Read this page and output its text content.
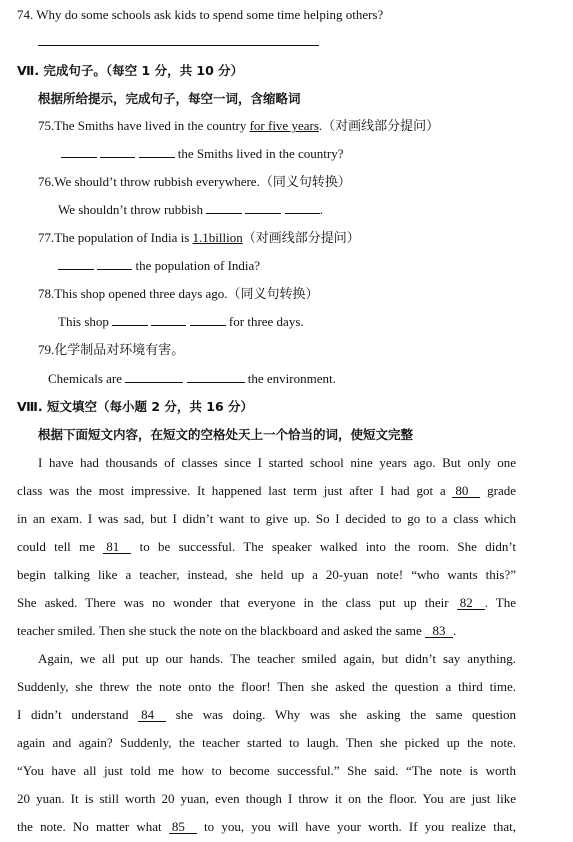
74. Why do some schools ask kids to spend some time helping others?
Ⅶ. 完成句子。（每空 1 分，共 10 分）
根据所给提示，完成句子，每空一词，含缩略词
75.The Smiths have lived in the country for five years.（对画线部分提问）
the Smiths lived in the country?
76.We should’t throw rubbish everywhere.（同义句转换）
We shouldn’t throw rubbish	.
77.The population of India is 1.1billion（对画线部分提问）
the population of India?
78.This shop opened three days ago.（同义句转换）
This shop	for three days.
79.化学制品对环境有害。
Chemicals are	the environment.
Ⅷ. 短文填空（每小题 2 分，共 16 分）
根据下面短文内容，在短文的空格处天上一个恰当的词，使短文完整
I have had thousands of classes since I started school nine years ago. But only one
class was the most impressive. It happened last term just after I had got a 80 grade
in an exam. I was sad, but I didn’t want to give up. So I decided to go to a class which
could tell me 81 to be successful. The speaker walked into the room. She didn’t
begin talking like a teacher, instead, she held up a 20-yuan note! “who wants this?”
She asked. There was no wonder that everyone in the class put up their 82 . The
teacher smiled. Then she stuck the note on the blackboard and asked the same 83 .
Again, we all put up our hands. The teacher smiled again, but didn’t say anything.
Suddenly, she threw the note onto the floor! Then she asked the question a third time.
I didn’t understand 84 she was doing. Why was she asking the same question
again and again? Suddenly, the teacher started to laugh. Then she picked up the note.
“You have all just told me how to become successful.” She said. “The note is worth
20 yuan. It is still worth 20 yuan, even though I throw it on the floor. You are just like
the note. No matter what 85 to you, you will have your worth. If you realize that,
